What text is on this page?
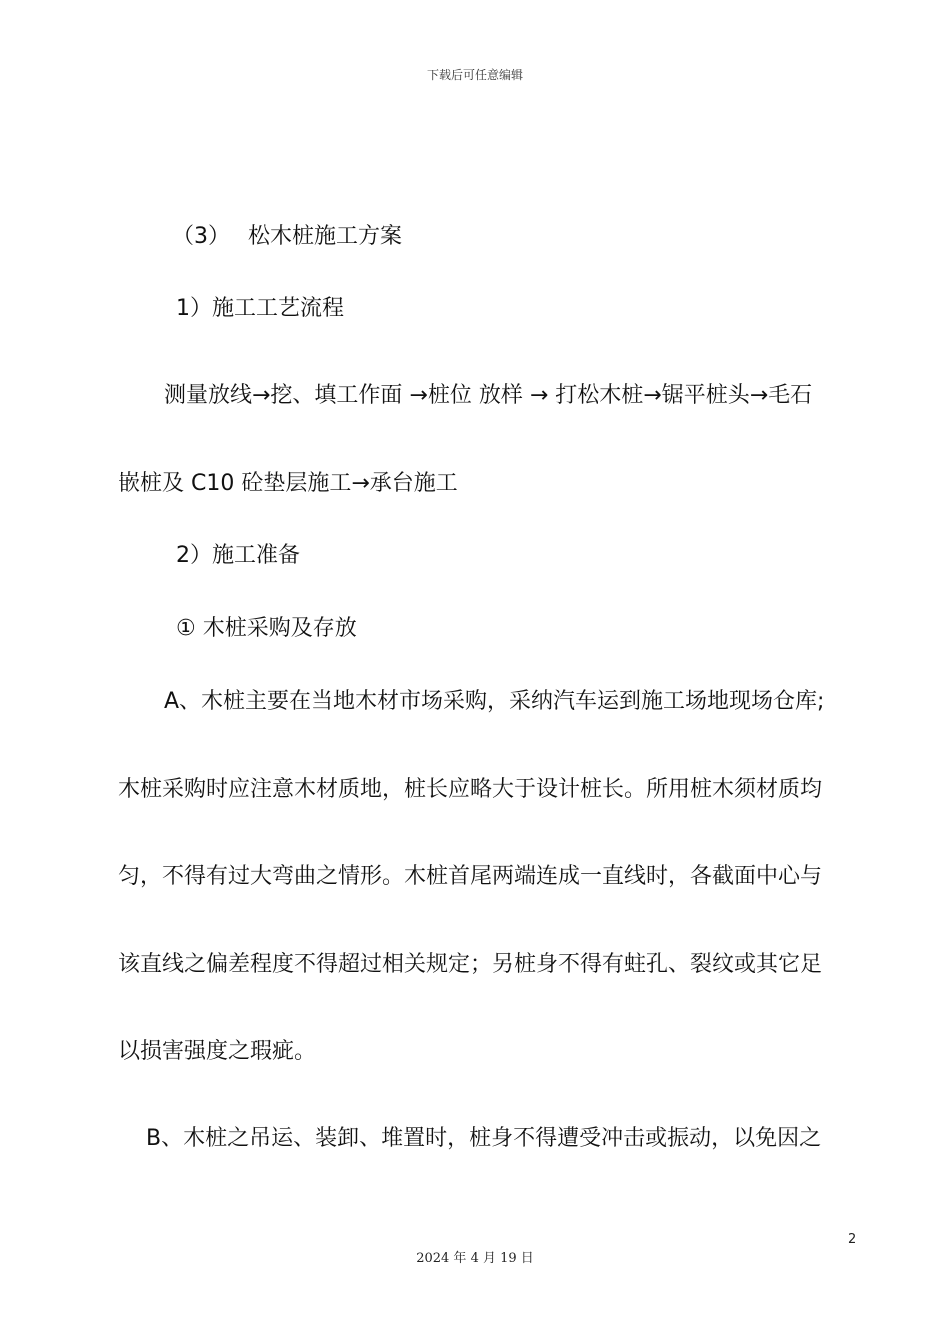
下载后可任意编辑
（3） 松木桩施工方案
1）施工工艺流程
测量放线→挖、填工作面 →桩位 放样 → 打松木桩→锯平桩头→毛石
嵌桩及 C10 砼垫层施工→承台施工
2）施工准备
① 木桩采购及存放
A、木桩主要在当地木材市场采购，采纳汽车运到施工场地现场仓库;
木桩采购时应注意木材质地，桩长应略大于设计桩长。所用桩木须材质均
匀，不得有过大弯曲之情形。木桩首尾两端连成一直线时，各截面中心与
该直线之偏差程度不得超过相关规定；另桩身不得有蛀孔、裂纹或其它足
以损害强度之瑕疵。
B、木桩之吊运、装卸、堆置时，桩身不得遭受冲击或振动，以免因之
2
2024 年 4 月 19 日
